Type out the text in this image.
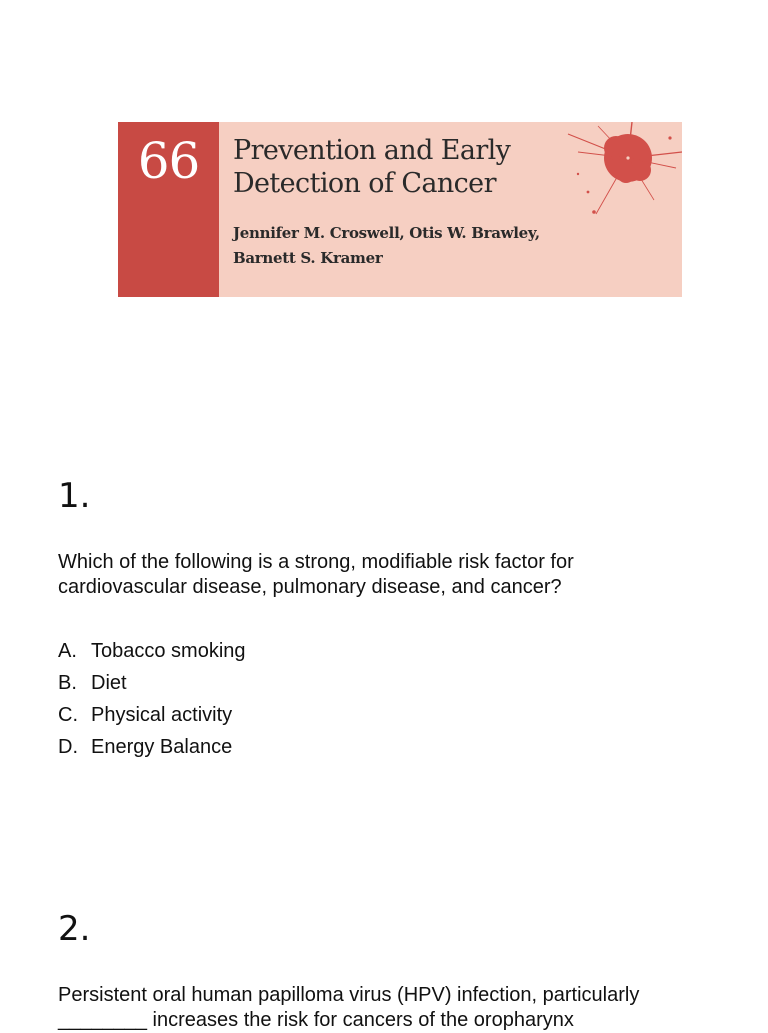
66	Prevention and Early
Detection of Cancer
Jennifer M. Croswell, Otis W. Brawley,
Barnett S. Kramer
1.
Which of the following is a strong, modifiable risk factor for cardiovascular disease, pulmonary disease, and cancer?
A. Tobacco smoking
B. Diet
C. Physical activity
D. Energy Balance
2.
Persistent oral human papilloma virus (HPV) infection, particularly ________ increases the risk for cancers of the oropharynx
